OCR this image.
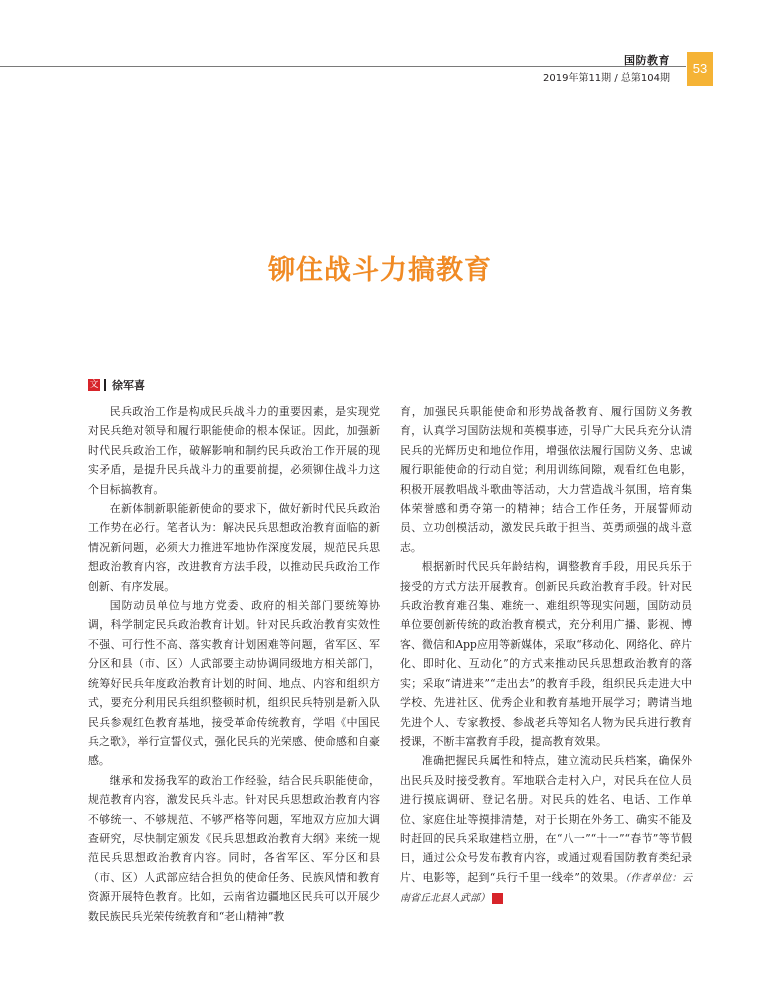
国防教育
2019年第11期 / 总第104期
53
铆住战斗力搞教育
文 徐军喜

民兵政治工作是构成民兵战斗力的重要因素，是实现党对民兵绝对领导和履行职能使命的根本保证。因此，加强新时代民兵政治工作，破解影响和制约民兵政治工作开展的现实矛盾，是提升民兵战斗力的重要前提，必须铆住战斗力这个目标搞教育。

在新体制新职能新使命的要求下，做好新时代民兵政治工作势在必行。笔者认为：解决民兵思想政治教育面临的新情况新问题，必须大力推进军地协作深度发展，规范民兵思想政治教育内容，改进教育方法手段，以推动民兵政治工作创新、有序发展。

国防动员单位与地方党委、政府的相关部门要统筹协调，科学制定民兵政治教育计划。针对民兵政治教育实效性不强、可行性不高、落实教育计划困难等问题，省军区、军分区和县（市、区）人武部要主动协调同级地方相关部门，统筹好民兵年度政治教育计划的时间、地点、内容和组织方式，要充分利用民兵组织整顿时机，组织民兵特别是新入队民兵参观红色教育基地，接受革命传统教育，学唱《中国民兵之歌》，举行宣誓仪式，强化民兵的光荣感、使命感和自豪感。

继承和发扬我军的政治工作经验，结合民兵职能使命，规范教育内容，激发民兵斗志。针对民兵思想政治教育内容不够统一、不够规范、不够严格等问题，军地双方应加大调查研究，尽快制定颁发《民兵思想政治教育大纲》来统一规范民兵思想政治教育内容。同时，各省军区、军分区和县（市、区）人武部应结合担负的使命任务、民族风情和教育资源开展特色教育。比如，云南省边疆地区民兵可以开展少数民族民兵光荣传统教育和“老山精神”教

育，加强民兵职能使命和形势战备教育、履行国防义务教育，认真学习国防法规和英模事迹，引导广大民兵充分认清民兵的光辉历史和地位作用，增强依法履行国防义务、忠诚履行职能使命的行动自觉；利用训练间隙，观看红色电影，积极开展教唱战斗歌曲等活动，大力营造战斗氛围，培育集体荣誉感和勇夺第一的精神；结合工作任务，开展誓师动员、立功创模活动，激发民兵敢于担当、英勇顽强的战斗意志。

根据新时代民兵年龄结构，调整教育手段，用民兵乐于接受的方式方法开展教育。创新民兵政治教育手段。针对民兵政治教育难召集、难统一、难组织等现实问题，国防动员单位要创新传统的政治教育模式，充分利用广播、影视、博客、微信和App应用等新媒体，采取“移动化、网络化、碎片化、即时化、互动化”的方式来推动民兵思想政治教育的落实；采取“请进来”“走出去”的教育手段，组织民兵走进大中学校、先进社区、优秀企业和教育基地开展学习；聘请当地先进个人、专家教授、参战老兵等知名人物为民兵进行教育授课，不断丰富教育手段，提高教育效果。

准确把握民兵属性和特点，建立流动民兵档案，确保外出民兵及时接受教育。军地联合走村入户，对民兵在位人员进行摸底调研、登记名册。对民兵的姓名、电话、工作单位、家庭住址等摸排清楚，对于长期在外务工、确实不能及时赶回的民兵采取建档立册，在“八一”“十一”“春节”等节假日，通过公众号发布教育内容，或通过观看国防教育类纪录片、电影等，起到“兵行千里一线牵”的效果。（作者单位：云南省丘北县人武部）	G
